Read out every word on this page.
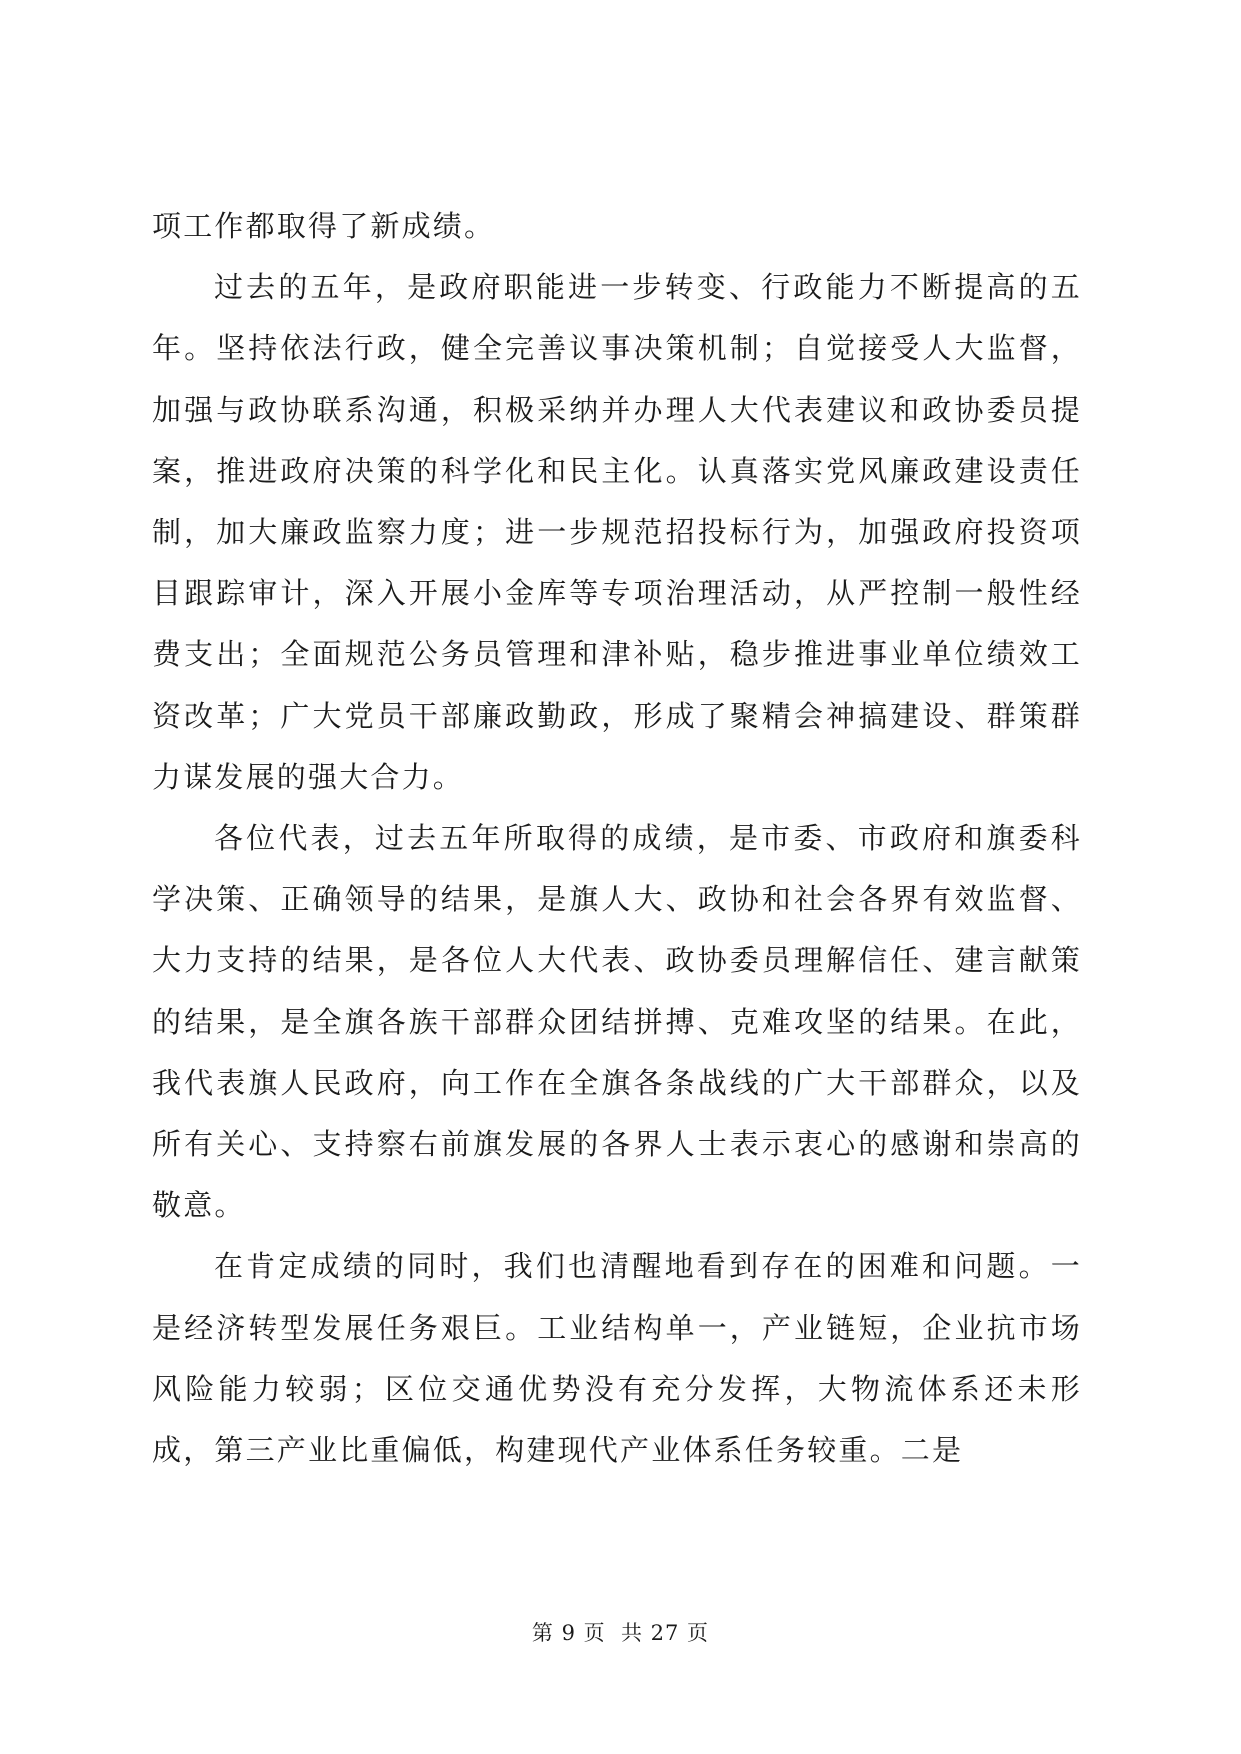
项工作都取得了新成绩。

过去的五年，是政府职能进一步转变、行政能力不断提高的五年。坚持依法行政，健全完善议事决策机制；自觉接受人大监督，加强与政协联系沟通，积极采纳并办理人大代表建议和政协委员提案，推进政府决策的科学化和民主化。认真落实党风廉政建设责任制，加大廉政监察力度；进一步规范招投标行为，加强政府投资项目跟踪审计，深入开展小金库等专项治理活动，从严控制一般性经费支出；全面规范公务员管理和津补贴，稳步推进事业单位绩效工资改革；广大党员干部廉政勤政，形成了聚精会神搞建设、群策群力谋发展的强大合力。

各位代表，过去五年所取得的成绩，是市委、市政府和旗委科学决策、正确领导的结果，是旗人大、政协和社会各界有效监督、大力支持的结果，是各位人大代表、政协委员理解信任、建言献策的结果，是全旗各族干部群众团结拼搏、克难攻坚的结果。在此，我代表旗人民政府，向工作在全旗各条战线的广大干部群众，以及所有关心、支持察右前旗发展的各界人士表示衷心的感谢和崇高的敬意。

在肯定成绩的同时，我们也清醒地看到存在的困难和问题。一是经济转型发展任务艰巨。工业结构单一，产业链短，企业抗市场风险能力较弱；区位交通优势没有充分发挥，大物流体系还未形成，第三产业比重偏低，构建现代产业体系任务较重。二是

第 9 页  共 27 页
